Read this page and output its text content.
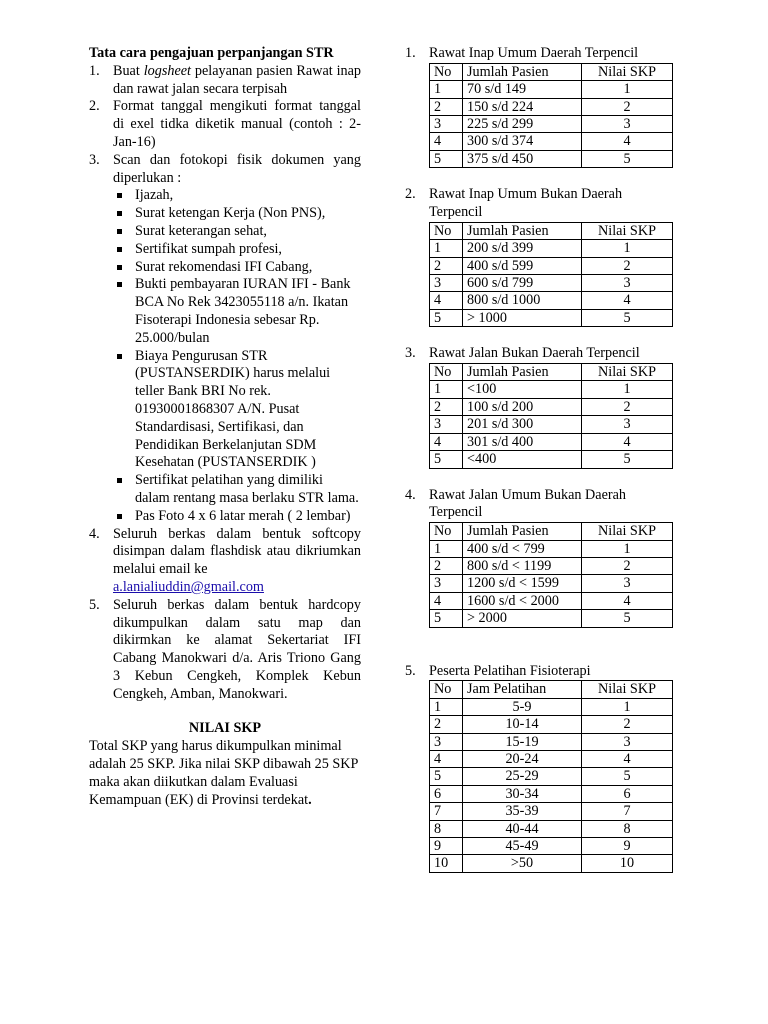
Tata cara pengajuan perpanjangan STR
1. Buat logsheet pelayanan pasien Rawat inap dan rawat jalan secara terpisah
2. Format tanggal mengikuti format tanggal di exel tidka diketik manual (contoh : 2-Jan-16)
3. Scan dan fotokopi fisik dokumen yang diperlukan :
Ijazah,
Surat ketengan Kerja (Non PNS),
Surat keterangan sehat,
Sertifikat sumpah profesi,
Surat rekomendasi IFI Cabang,
Bukti pembayaran IURAN IFI - Bank BCA No Rek 3423055118 a/n. Ikatan Fisoterapi Indonesia sebesar Rp. 25.000/bulan
Biaya Pengurusan STR (PUSTANSERDIK) harus melalui teller Bank BRI No rek. 01930001868307 A/N. Pusat Standardisasi, Sertifikasi, dan Pendidikan Berkelanjutan SDM Kesehatan (PUSTANSERDIK )
Sertifikat pelatihan yang dimiliki dalam rentang masa berlaku STR lama.
Pas Foto 4 x 6 latar merah ( 2 lembar)
4. Seluruh berkas dalam bentuk softcopy disimpan dalam flashdisk atau dikriumkan melalui email ke
a.lanialiuddin@gmail.com
5. Seluruh berkas dalam bentuk hardcopy dikumpulkan dalam satu map dan dikirmkan ke alamat Sekertariat IFI Cabang Manokwari d/a. Aris Triono Gang 3 Kebun Cengkeh, Komplek Kebun Cengkeh, Amban, Manokwari.
NILAI SKP
Total SKP yang harus dikumpulkan minimal adalah 25 SKP. Jika nilai SKP dibawah 25 SKP maka akan diikutkan dalam Evaluasi Kemampuan (EK) di Provinsi terdekat.
1. Rawat Inap Umum Daerah Terpencil
No	Jumlah Pasien	Nilai SKP
1	70 s/d 149	1
2	150 s/d 224	2
3	225 s/d 299	3
4	300 s/d 374	4
5	375 s/d 450	5
2. Rawat Inap Umum Bukan Daerah Terpencil
No	Jumlah Pasien	Nilai SKP
1	200 s/d 399	1
2	400 s/d 599	2
3	600 s/d 799	3
4	800 s/d 1000	4
5	> 1000	5
3. Rawat Jalan Bukan Daerah Terpencil
No	Jumlah Pasien	Nilai SKP
1	<100	1
2	100 s/d 200	2
3	201 s/d 300	3
4	301 s/d 400	4
5	<400	5
4. Rawat Jalan Umum Bukan Daerah Terpencil
No	Jumlah Pasien	Nilai SKP
1	400 s/d < 799	1
2	800 s/d < 1199	2
3	1200 s/d < 1599	3
4	1600 s/d < 2000	4
5	> 2000	5
5. Peserta Pelatihan Fisioterapi
No	Jam Pelatihan	Nilai SKP
1	5-9	1
2	10-14	2
3	15-19	3
4	20-24	4
5	25-29	5
6	30-34	6
7	35-39	7
8	40-44	8
9	45-49	9
10	>50	10
